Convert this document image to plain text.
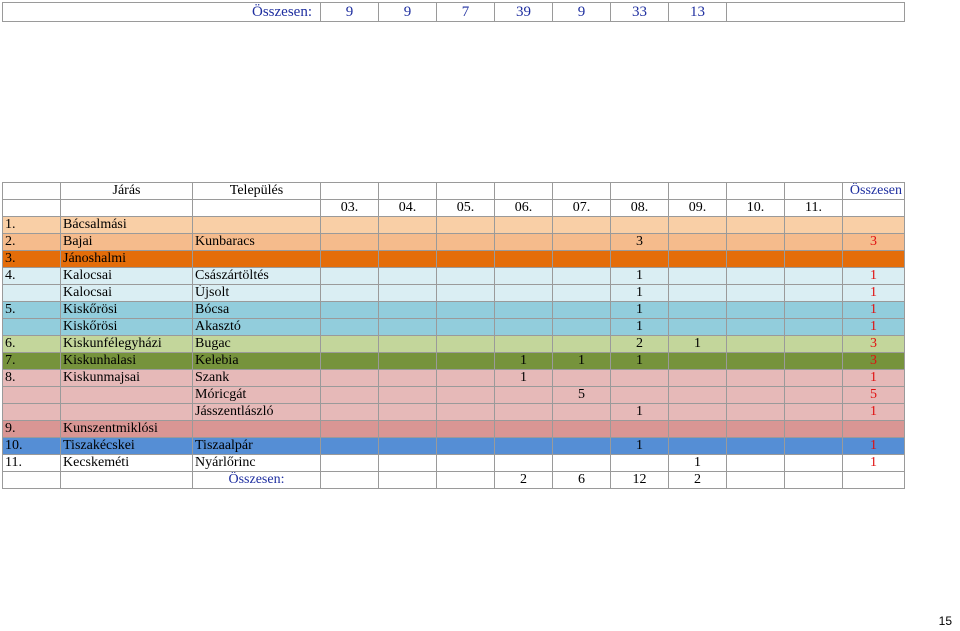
Összesen:	9	9	7	39	9	33	13	
	Járás	Település										Összesen
			03.	04.	05.	06.	07.	08.	09.	10.	11.	
1.	Bácsalmási											
2.	Bajai	Kunbaracs						3				3
3.	Jánoshalmi											
4.	Kalocsai	Császártöltés						1				1
	Kalocsai	Újsolt						1				1
5.	Kiskőrösi	Bócsa						1				1
	Kiskőrösi	Akasztó						1				1
6.	Kiskunfélegyházi	Bugac						2	1			3
7.	Kiskunhalasi	Kelebia				1	1	1				3
8.	Kiskunmajsai	Szank				1						1
		Móricgát					5					5
		Jásszentlászló						1				1
9.	Kunszentmiklósi											
10.	Tiszakécskei	Tiszaalpár						1				1
11.	Kecskeméti	Nyárlőrinc							1			1
		Összesen:				2	6	12	2			
15
